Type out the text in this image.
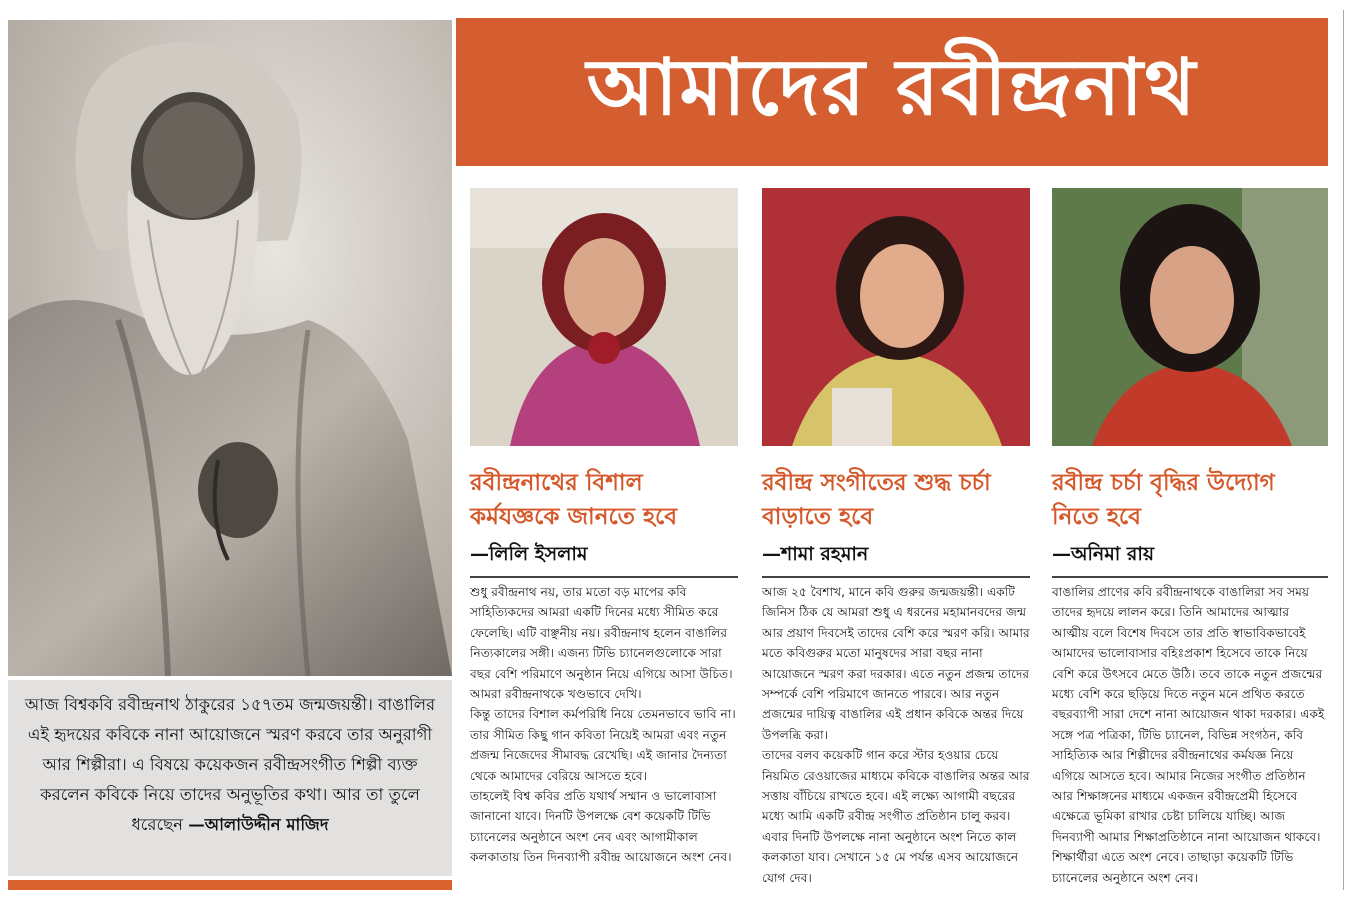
আজ বিশ্বকবি রবীন্দ্রনাথ ঠাকুরের ১৫৭তম জন্মজয়ন্তী। বাঙালির এই হৃদয়ের কবিকে নানা আয়োজনে স্মরণ করবে তার অনুরাগী আর শিল্পীরা। এ বিষয়ে কয়েকজন রবীন্দ্রসংগীত শিল্পী ব্যক্ত করলেন কবিকে নিয়ে তাদের অনুভূতির কথা। আর তা তুলে ধরেছেন —আলাউদ্দীন মাজিদ
আমাদের রবীন্দ্রনাথ
রবীন্দ্রনাথের বিশাল কর্মযজ্ঞকে জানতে হবে
—লিলি ইসলাম

শুধু রবীন্দ্রনাথ নয়, তার মতো বড় মাপের কবি সাহিত্যিকদের আমরা একটি দিনের মধ্যে সীমিত করে ফেলেছি। এটি বাঞ্ছনীয় নয়। রবীন্দ্রনাথ হলেন বাঙালির নিত্যকালের সঙ্গী। এজন্য টিভি চ্যানেলগুলোকে সারা বছর বেশি পরিমাণে অনুষ্ঠান নিয়ে এগিয়ে আসা উচিত। আমরা রবীন্দ্রনাথকে খণ্ডভাবে দেখি।

কিন্তু তাদের বিশাল কর্মপরিধি নিয়ে তেমনভাবে ভাবি না। তার সীমিত কিছু গান কবিতা নিয়েই আমরা এবং নতুন প্রজন্ম নিজেদের সীমাবদ্ধ রেখেছি। এই জানার দৈন্যতা থেকে আমাদের বেরিয়ে আসতে হবে।

তাহলেই বিশ্ব কবির প্রতি যথার্থ সম্মান ও ভালোবাসা জানানো যাবে। দিনটি উপলক্ষে বেশ কয়েকটি টিভি চ্যানেলের অনুষ্ঠানে অংশ নেব এবং আগামীকাল কলকাতায় তিন দিনব্যাপী রবীন্দ্র আয়োজনে অংশ নেব।

রবীন্দ্র সংগীতের শুদ্ধ চর্চা বাড়াতে হবে
—শামা রহমান

আজ ২৫ বৈশাখ, মানে কবি গুরুর জন্মজয়ন্তী। একটি জিনিস ঠিক যে আমরা শুধু এ ধরনের মহামানবদের জন্ম আর প্রয়াণ দিবসেই তাদের বেশি করে স্মরণ করি। আমার মতে কবিগুরুর মতো মানুষদের সারা বছর নানা আয়োজনে স্মরণ করা দরকার। এতে নতুন প্রজন্ম তাদের সম্পর্কে বেশি পরিমাণে জানতে পারবে। আর নতুন প্রজন্মের দায়িত্ব বাঙালির এই প্রধান কবিকে অন্তর দিয়ে উপলব্ধি করা।

তাদের বলব কয়েকটি গান করে স্টার হওয়ার চেয়ে নিয়মিত রেওয়াজের মাধ্যমে কবিকে বাঙালির অন্তর আর সত্তায় বাঁচিয়ে রাখতে হবে। এই লক্ষ্যে আগামী বছরের মধ্যে আমি একটি রবীন্দ্র সংগীত প্রতিষ্ঠান চালু করব।

এবার দিনটি উপলক্ষে নানা অনুষ্ঠানে অংশ নিতে কাল কলকাতা যাব। সেখানে ১৫ মে পর্যন্ত এসব আয়োজনে যোগ দেব।

রবীন্দ্র চর্চা বৃদ্ধির উদ্যোগ নিতে হবে
—অনিমা রায়

বাঙালির প্রাণের কবি রবীন্দ্রনাথকে বাঙালিরা সব সময় তাদের হৃদয়ে লালন করে। তিনি আমাদের আত্মার আত্মীয় বলে বিশেষ দিবসে তার প্রতি স্বাভাবিকভাবেই আমাদের ভালোবাসার বহিঃপ্রকাশ হিসেবে তাকে নিয়ে বেশি করে উৎসবে মেতে উঠি। তবে তাকে নতুন প্রজন্মের মধ্যে বেশি করে ছড়িয়ে দিতে নতুন মনে প্রথিত করতে বছরব্যাপী সারা দেশে নানা আয়োজন থাকা দরকার। একই সঙ্গে পত্র পত্রিকা, টিভি চ্যানেল, বিভিন্ন সংগঠন, কবি সাহিত্যিক আর শিল্পীদের রবীন্দ্রনাথের কর্মযজ্ঞ নিয়ে এগিয়ে আসতে হবে। আমার নিজের সংগীত প্রতিষ্ঠান আর শিক্ষাঙ্গনের মাধ্যমে একজন রবীন্দ্রপ্রেমী হিসেবে এক্ষেত্রে ভূমিকা রাখার চেষ্টা চালিয়ে যাচ্ছি। আজ দিনব্যাপী আমার শিক্ষাপ্রতিষ্ঠানে নানা আয়োজন থাকবে। শিক্ষার্থীরা এতে অংশ নেবে। তাছাড়া কয়েকটি টিভি চ্যানেলের অনুষ্ঠানে অংশ নেব।
